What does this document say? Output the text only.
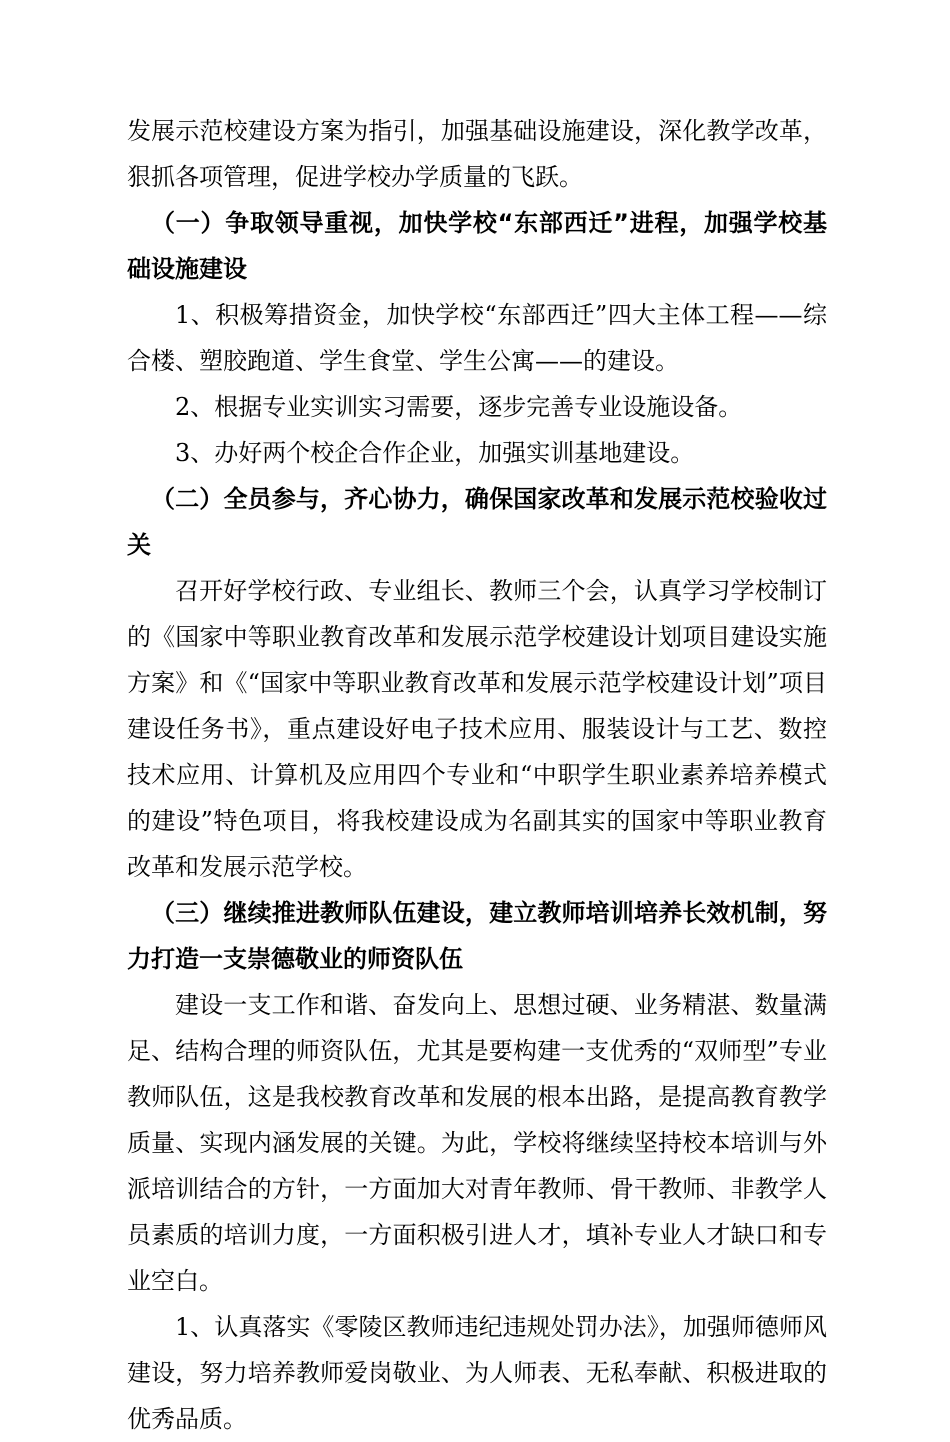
发展示范校建设方案为指引，加强基础设施建设，深化教学改革，狠抓各项管理，促进学校办学质量的飞跃。

（一）争取领导重视，加快学校“东部西迁”进程，加强学校基础设施建设

1、积极筹措资金，加快学校“东部西迁”四大主体工程——综合楼、塑胶跑道、学生食堂、学生公寓——的建设。

2、根据专业实训实习需要，逐步完善专业设施设备。

3、办好两个校企合作企业，加强实训基地建设。

（二）全员参与，齐心协力，确保国家改革和发展示范校验收过关

召开好学校行政、专业组长、教师三个会，认真学习学校制订的《国家中等职业教育改革和发展示范学校建设计划项目建设实施方案》和《“国家中等职业教育改革和发展示范学校建设计划”项目建设任务书》，重点建设好电子技术应用、服装设计与工艺、数控技术应用、计算机及应用四个专业和“中职学生职业素养培养模式的建设”特色项目，将我校建设成为名副其实的国家中等职业教育改革和发展示范学校。

（三）继续推进教师队伍建设，建立教师培训培养长效机制，努力打造一支崇德敬业的师资队伍

建设一支工作和谐、奋发向上、思想过硬、业务精湛、数量满足、结构合理的师资队伍，尤其是要构建一支优秀的“双师型”专业教师队伍，这是我校教育改革和发展的根本出路，是提高教育教学质量、实现内涵发展的关键。为此，学校将继续坚持校本培训与外派培训结合的方针，一方面加大对青年教师、骨干教师、非教学人员素质的培训力度，一方面积极引进人才，填补专业人才缺口和专业空白。

1、认真落实《零陵区教师违纪违规处罚办法》，加强师德师风建设，努力培养教师爱岗敬业、为人师表、无私奉献、积极进取的优秀品质。
